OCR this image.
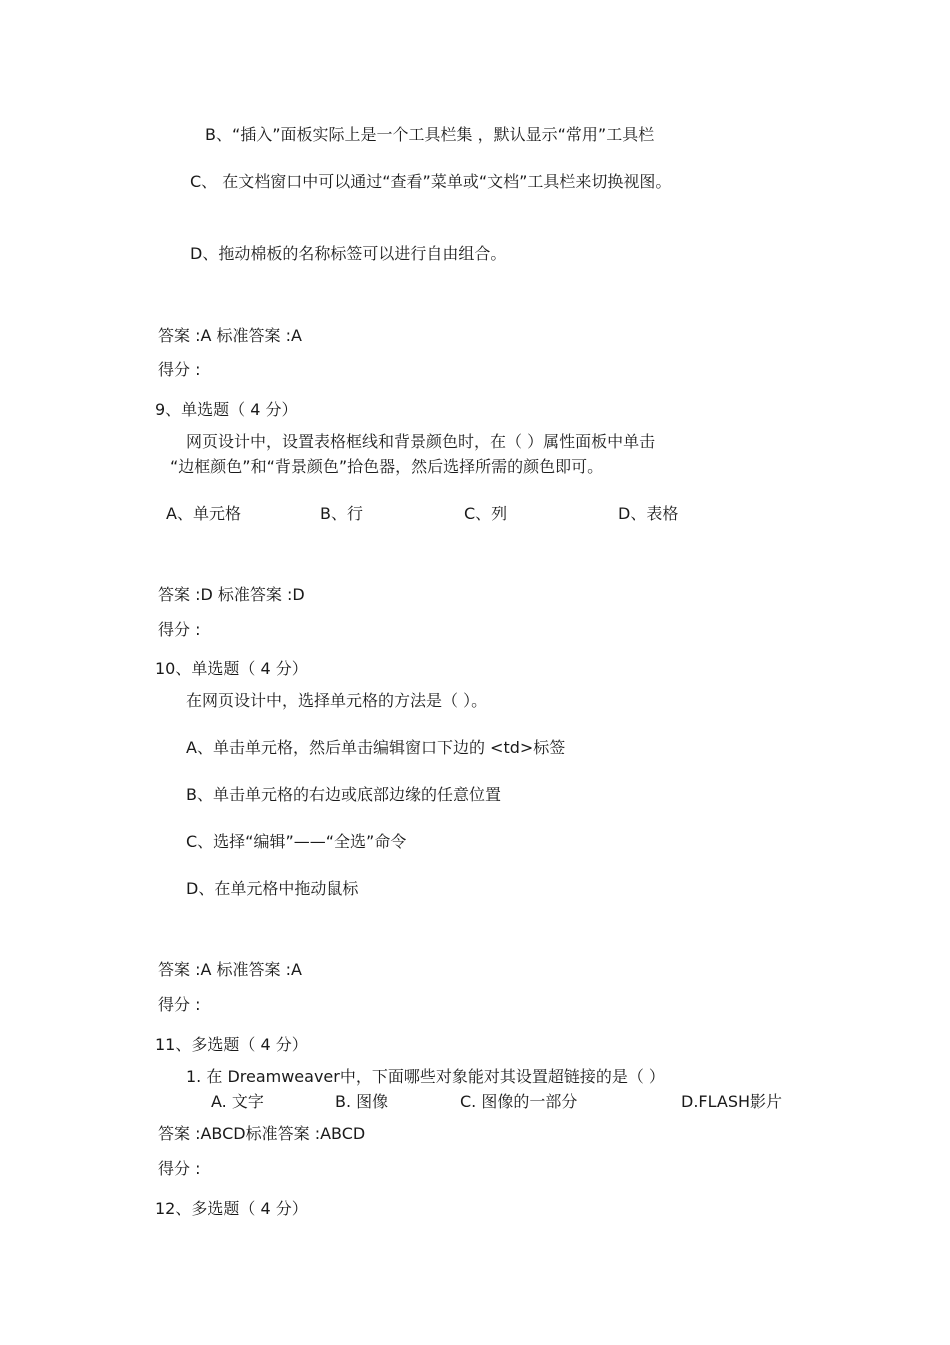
B、“插入”面板实际上是一个工具栏集 ，默认显示“常用”工具栏
C、 在文档窗口中可以通过“查看”菜单或“文档”工具栏来切换视图。
D、拖动棉板的名称标签可以进行自由组合。
答案 :A 标准答案 :A
得分 :
9、单选题（ 4 分）
网页设计中，设置表格框线和背景颜色时，在（ ）属性面板中单击
“边框颜色”和“背景颜色”拾色器，然后选择所需的颜色即可。
A、单元格	B、行	C、列	D、表格
答案 :D 标准答案 :D
得分 :
10、单选题（ 4 分）
在网页设计中，选择单元格的方法是（ ）。
A、单击单元格，然后单击编辑窗口下边的 <td>标签
B、单击单元格的右边或底部边缘的任意位置
C、选择“编辑”——“全选”命令
D、在单元格中拖动鼠标
答案 :A 标准答案 :A
得分 :
11、多选题（ 4 分）
1. 在 Dreamweaver中，下面哪些对象能对其设置超链接的是（ ）
A. 文字	B. 图像	C. 图像的一部分	D.FLASH影片
答案 :ABCD标准答案 :ABCD
得分 :
12、多选题（ 4 分）
